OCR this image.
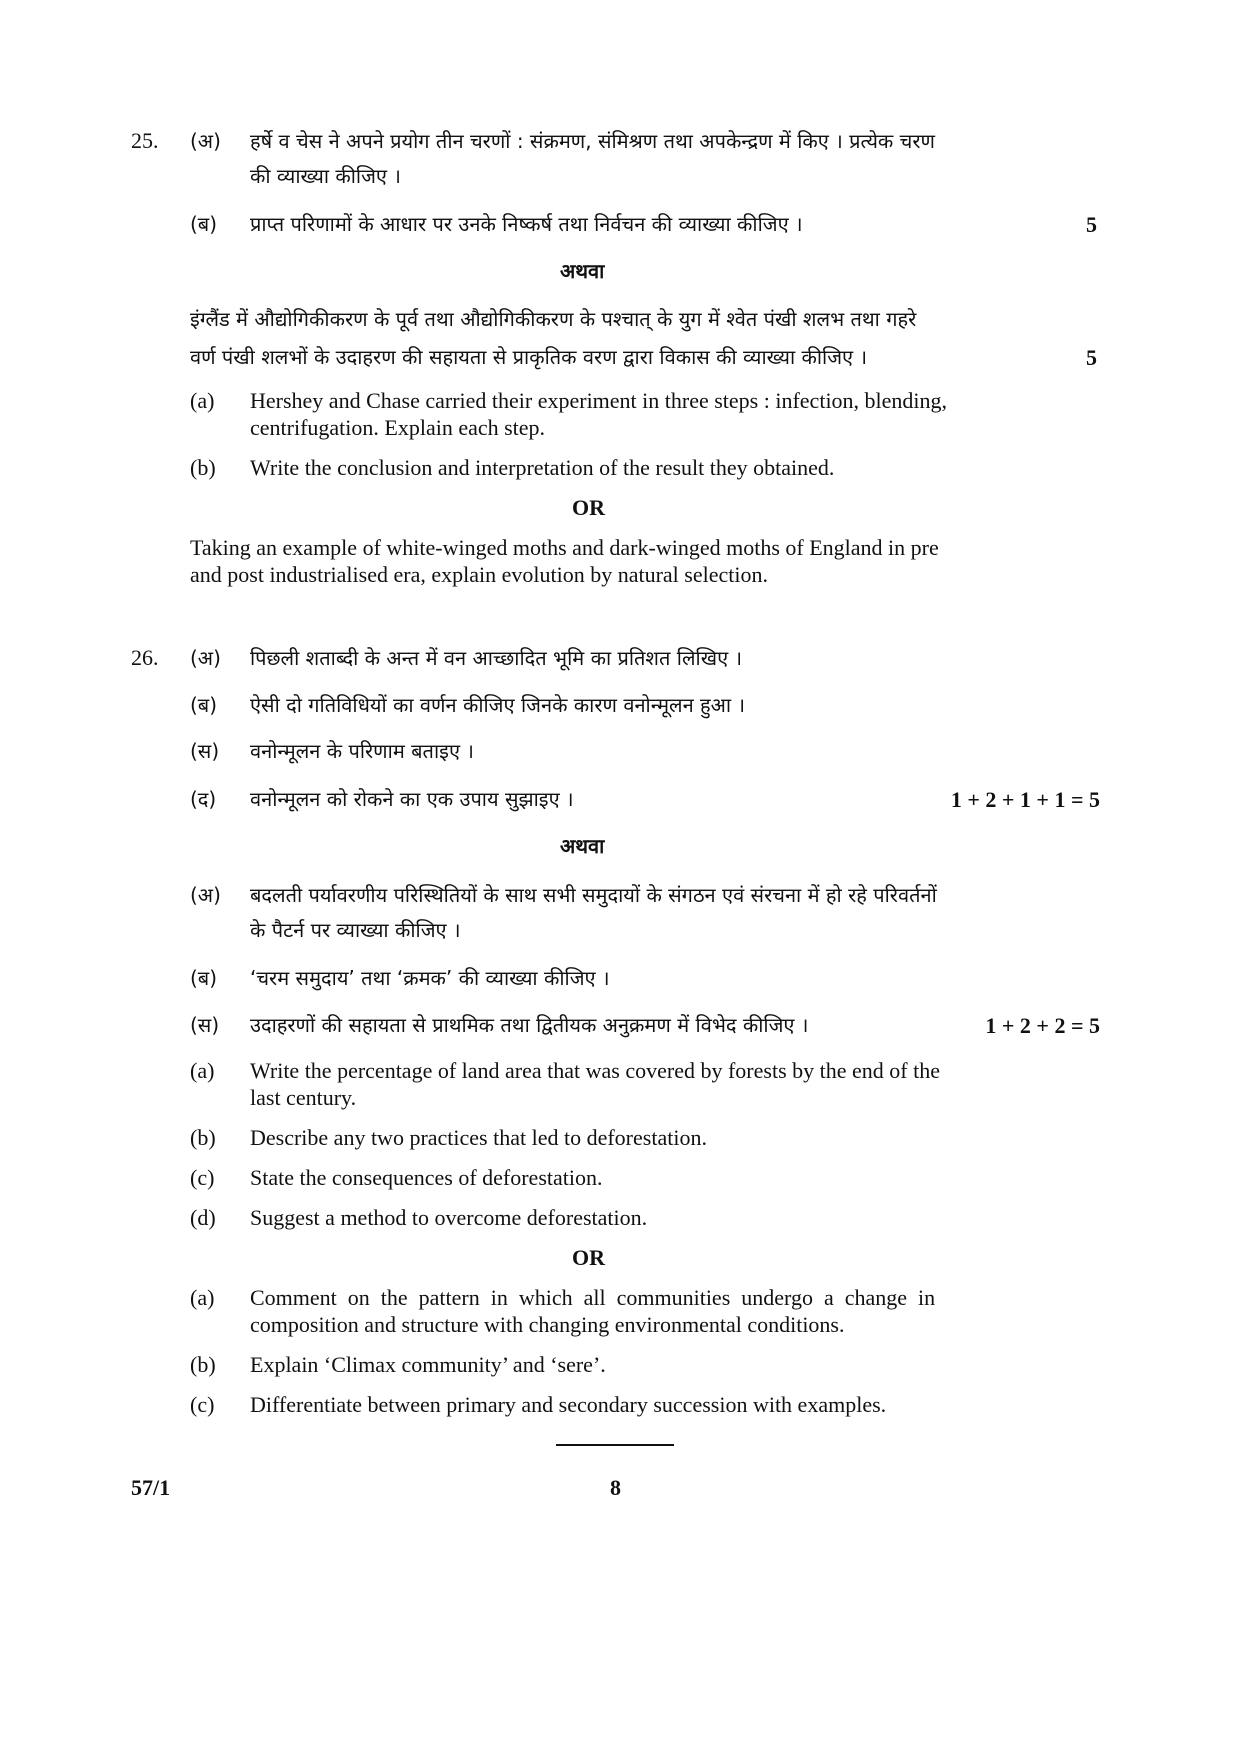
25. (अ) हर्षे व चेस ने अपने प्रयोग तीन चरणों : संक्रमण, संमिश्रण तथा अपकेन्द्रण में किए । प्रत्येक चरण
की व्याख्या कीजिए ।
(ब) प्राप्त परिणामों के आधार पर उनके निष्कर्ष तथा निर्वचन की व्याख्या कीजिए ।	5
अथवा
इंग्लैंड में औद्योगिकीकरण के पूर्व तथा औद्योगिकीकरण के पश्चात् के युग में श्वेत पंखी शलभ तथा गहरे
वर्ण पंखी शलभों के उदाहरण की सहायता से प्राकृतिक वरण द्वारा विकास की व्याख्या कीजिए ।	5
(a) Hershey and Chase carried their experiment in three steps : infection, blending,
centrifugation. Explain each step.
(b) Write the conclusion and interpretation of the result they obtained.
OR
Taking an example of white-winged moths and dark-winged moths of England in pre
and post industrialised era, explain evolution by natural selection.
26. (अ) पिछली शताब्दी के अन्त में वन आच्छादित भूमि का प्रतिशत लिखिए ।
(ब) ऐसी दो गतिविधियों का वर्णन कीजिए जिनके कारण वनोन्मूलन हुआ ।
(स) वनोन्मूलन के परिणाम बताइए ।
(द) वनोन्मूलन को रोकने का एक उपाय सुझाइए ।	1 + 2 + 1 + 1 = 5
अथवा
(अ) बदलती पर्यावरणीय परिस्थितियों के साथ सभी समुदायों के संगठन एवं संरचना में हो रहे परिवर्तनों
के पैटर्न पर व्याख्या कीजिए ।
(ब) ‘चरम समुदाय’ तथा ‘क्रमक’ की व्याख्या कीजिए ।
(स) उदाहरणों की सहायता से प्राथमिक तथा द्वितीयक अनुक्रमण में विभेद कीजिए ।	1 + 2 + 2 = 5
(a) Write the percentage of land area that was covered by forests by the end of the
last century.
(b) Describe any two practices that led to deforestation.
(c) State the consequences of deforestation.
(d) Suggest a method to overcome deforestation.
OR
(a) Comment  on  the  pattern  in  which  all  communities  undergo  a  change  in
composition and structure with changing environmental conditions.
(b) Explain ‘Climax community’ and ‘sere’.
(c) Differentiate between primary and secondary succession with examples.
57/1	8
